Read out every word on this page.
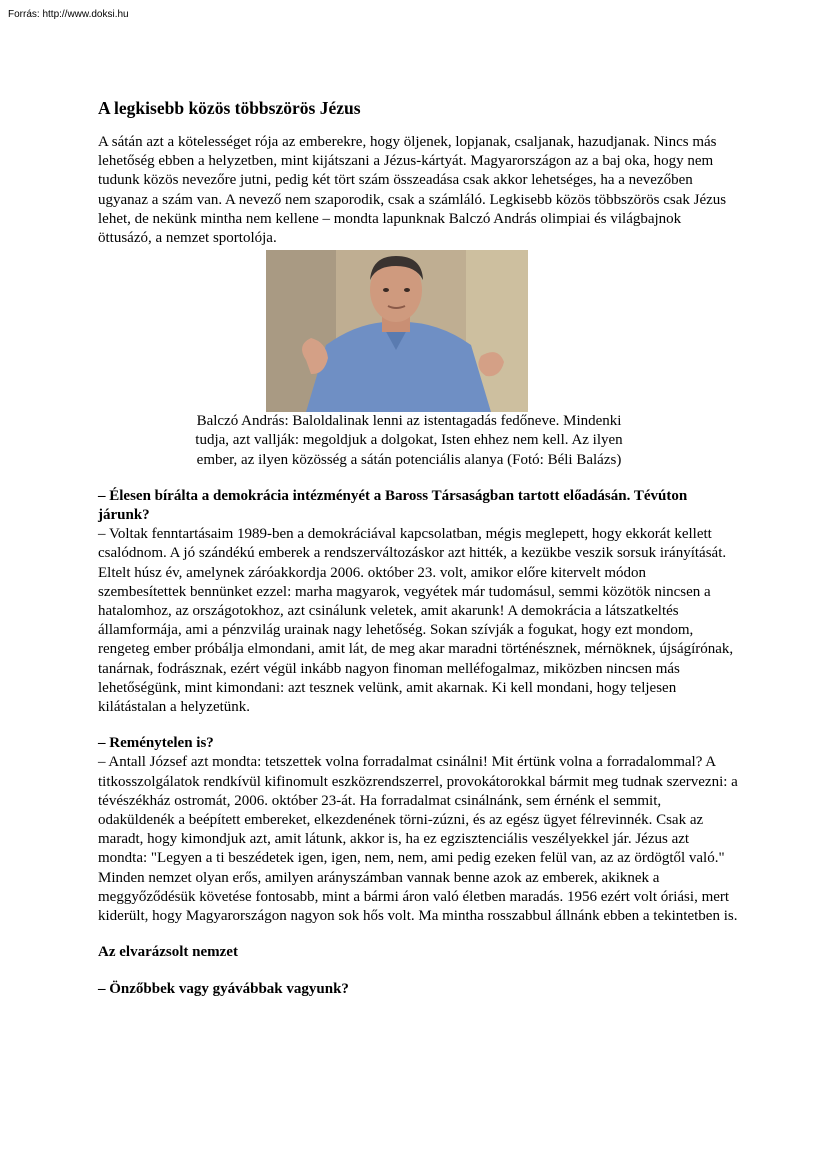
Forrás: http://www.doksi.hu
A legkisebb közös többszörös Jézus

A sátán azt a kötelességet rója az emberekre, hogy öljenek, lopjanak, csaljanak, hazudjanak. Nincs más lehetőség ebben a helyzetben, mint kijátszani a Jézus-kártyát. Magyarországon az a baj oka, hogy nem tudunk közös nevezőre jutni, pedig két tört szám összeadása csak akkor lehetséges, ha a nevezőben ugyanaz a szám van. A nevező nem szaporodik, csak a számláló. Legkisebb közös többszörös csak Jézus lehet, de nekünk mintha nem kellene – mondta lapunknak Balczó András olimpiai és világbajnok öttusázó, a nemzet sportolója.

Balczó András: Baloldalinak lenni az istentagadás fedőneve. Mindenki tudja, azt vallják: megoldjuk a dolgokat, Isten ehhez nem kell. Az ilyen ember, az ilyen közösség a sátán potenciális alanya (Fotó: Béli Balázs)

– Élesen bírálta a demokrácia intézményét a Baross Társaságban tartott előadásán. Tévúton járunk?

– Voltak fenntartásaim 1989-ben a demokráciával kapcsolatban, mégis meglepett, hogy ekkorát kellett csalódnom. A jó szándékú emberek a rendszerváltozáskor azt hitték, a kezükbe veszik sorsuk irányítását. Eltelt húsz év, amelynek záróakkordja 2006. október 23. volt, amikor előre kitervelt módon szembesítettek bennünket ezzel: marha magyarok, vegyétek már tudomásul, semmi közötök nincsen a hatalomhoz, az országotokhoz, azt csinálunk veletek, amit akarunk! A demokrácia a látszatkeltés államformája, ami a pénzvilág urainak nagy lehetőség. Sokan szívják a fogukat, hogy ezt mondom, rengeteg ember próbálja elmondani, amit lát, de meg akar maradni történésznek, mérnöknek, újságírónak, tanárnak, fodrásznak, ezért végül inkább nagyon finoman melléfogalmaz, miközben nincsen más lehetőségünk, mint kimondani: azt tesznek velünk, amit akarnak. Ki kell mondani, hogy teljesen kilátástalan a helyzetünk.

– Reménytelen is?

– Antall József azt mondta: tetszettek volna forradalmat csinálni! Mit értünk volna a forradalommal? A titkosszolgálatok rendkívül kifinomult eszközrendszerrel, provokátorokkal bármit meg tudnak szervezni: a tévészékház ostromát, 2006. október 23-át. Ha forradalmat csinálnánk, sem érnénk el semmit, odaküldenék a beépített embereket, elkezdenének törni-zúzni, és az egész ügyet félrevinnék. Csak az maradt, hogy kimondjuk azt, amit látunk, akkor is, ha ez egzisztenciális veszélyekkel jár. Jézus azt mondta: "Legyen a ti beszédetek igen, igen, nem, nem, ami pedig ezeken felül van, az az ördögtől való." Minden nemzet olyan erős, amilyen arányszámban vannak benne azok az emberek, akiknek a meggyőződésük követése fontosabb, mint a bármi áron való életben maradás. 1956 ezért volt óriási, mert kiderült, hogy Magyarországon nagyon sok hős volt. Ma mintha rosszabbul állnánk ebben a tekintetben is.

Az elvarázsolt nemzet

– Önzőbbek vagy gyávábbak vagyunk?
